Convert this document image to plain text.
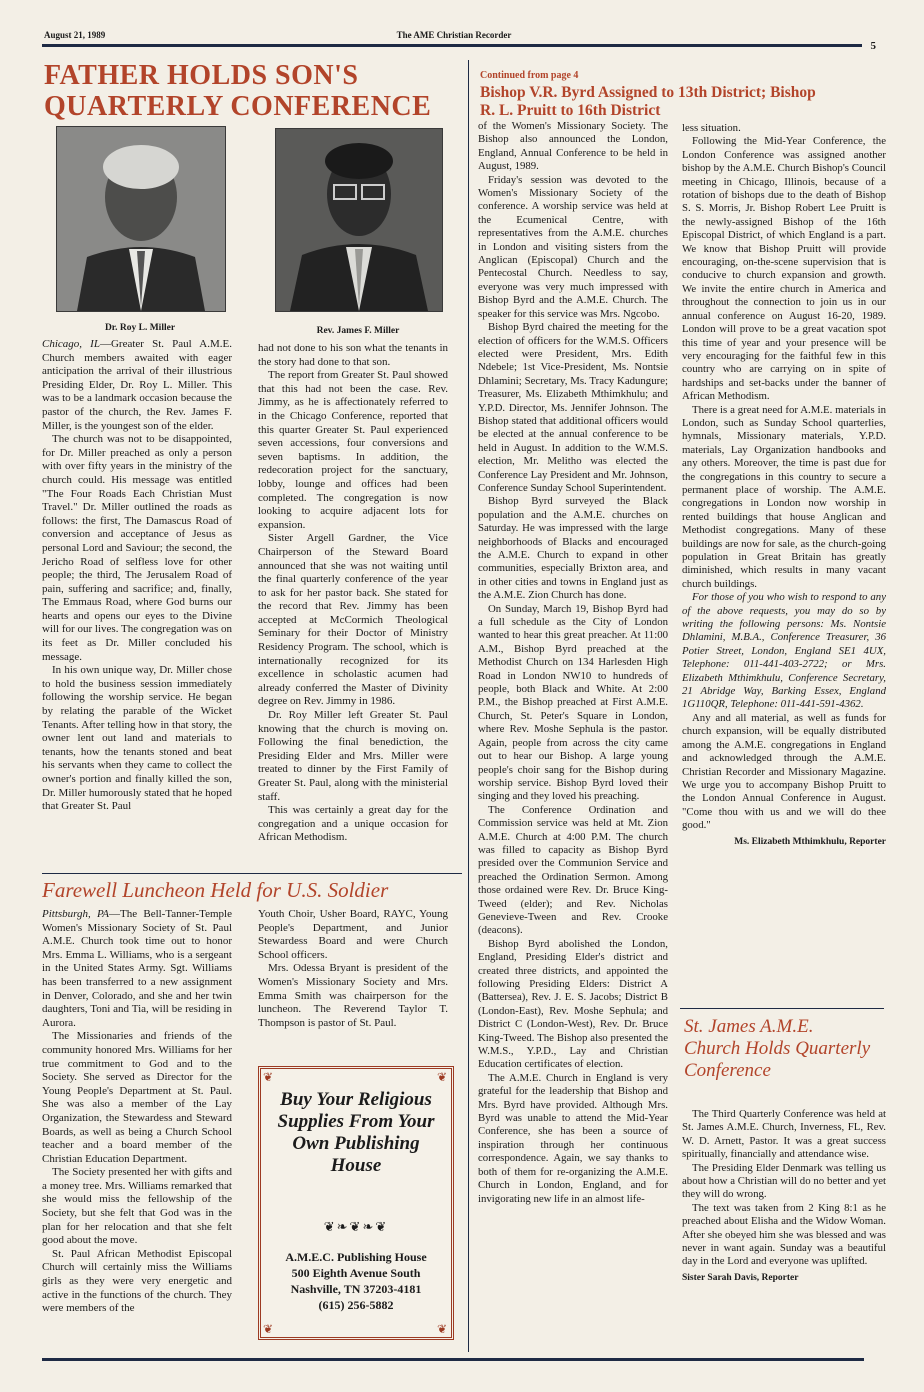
August 21, 1989	The AME Christian Recorder
5
FATHER HOLDS SON'S
QUARTERLY CONFERENCE
Dr. Roy L. Miller	Rev. James F. Miller

Chicago, IL—Greater St. Paul A.M.E. Church members awaited with eager anticipation the arrival of their illustrious Presiding Elder, Dr. Roy L. Miller. This was to be a landmark occasion because the pastor of the church, the Rev. James F. Miller, is the youngest son of the elder.

The church was not to be disappointed, for Dr. Miller preached as only a person with over fifty years in the ministry of the church could. His message was entitled "The Four Roads Each Christian Must Travel." Dr. Miller outlined the roads as follows: the first, The Damascus Road of conversion and acceptance of Jesus as personal Lord and Saviour; the second, the Jericho Road of selfless love for other people; the third, The Jerusalem Road of pain, suffering and sacrifice; and, finally, The Emmaus Road, where God burns our hearts and opens our eyes to the Divine will for our lives. The congregation was on its feet as Dr. Miller concluded his message.

In his own unique way, Dr. Miller chose to hold the business session immediately following the worship service. He began by relating the parable of the Wicket Tenants. After telling how in that story, the owner lent out land and materials to tenants, how the tenants stoned and beat his servants when they came to collect the owner's portion and finally killed the son, Dr. Miller humorously stated that he hoped that Greater St. Paul

had not done to his son what the tenants in the story had done to that son.

The report from Greater St. Paul showed that this had not been the case. Rev. Jimmy, as he is affectionately referred to in the Chicago Conference, reported that this quarter Greater St. Paul experienced seven accessions, four conversions and seven baptisms. In addition, the redecoration project for the sanctuary, lobby, lounge and offices had been completed. The congregation is now looking to acquire adjacent lots for expansion.

Sister Argell Gardner, the Vice Chairperson of the Steward Board announced that she was not waiting until the final quarterly conference of the year to ask for her pastor back. She stated for the record that Rev. Jimmy has been accepted at McCormich Theological Seminary for their Doctor of Ministry Residency Program. The school, which is internationally recognized for its excellence in scholastic acumen had already conferred the Master of Divinity degree on Rev. Jimmy in 1986.

Dr. Roy Miller left Greater St. Paul knowing that the church is moving on. Following the final benediction, the Presiding Elder and Mrs. Miller were treated to dinner by the First Family of Greater St. Paul, along with the ministerial staff.

This was certainly a great day for the congregation and a unique occasion for African Methodism.

Farewell Luncheon Held for U.S. Soldier

Pittsburgh, PA—The Bell-Tanner-Temple Women's Missionary Society of St. Paul A.M.E. Church took time out to honor Mrs. Emma L. Williams, who is a sergeant in the United States Army. Sgt. Williams has been transferred to a new assignment in Denver, Colorado, and she and her twin daughters, Toni and Tia, will be residing in Aurora.

The Missionaries and friends of the community honored Mrs. Williams for her true commitment to God and to the Society. She served as Director for the Young People's Department at St. Paul. She was also a member of the Lay Organization, the Stewardess and Steward Boards, as well as being a Church School teacher and a board member of the Christian Education Department.

The Society presented her with gifts and a money tree. Mrs. Williams remarked that she would miss the fellowship of the Society, but she felt that God was in the plan for her relocation and that she felt good about the move.

St. Paul African Methodist Episcopal Church will certainly miss the Williams girls as they were very energetic and active in the functions of the church. They were members of the

Youth Choir, Usher Board, RAYC, Young People's Department, and Junior Stewardess Board and were Church School officers.

Mrs. Odessa Bryant is president of the Women's Missionary Society and Mrs. Emma Smith was chairperson for the luncheon. The Reverend Taylor T. Thompson is pastor of St. Paul.

❦	❦
❦	❦
Buy Your Religious Supplies From Your Own Publishing House
❦❧❦❧❦
A.M.E.C. Publishing House
500 Eighth Avenue South
Nashville, TN 37203-4181
(615) 256-5882
Continued from page 4
Bishop V.R. Byrd Assigned to 13th District; Bishop
R. L. Pruitt to 16th District

of the Women's Missionary Society. The Bishop also announced the London, England, Annual Conference to be held in August, 1989.

Friday's session was devoted to the Women's Missionary Society of the conference. A worship service was held at the Ecumenical Centre, with representatives from the A.M.E. churches in London and visiting sisters from the Anglican (Episcopal) Church and the Pentecostal Church. Needless to say, everyone was very much impressed with Bishop Byrd and the A.M.E. Church. The speaker for this service was Mrs. Ngcobo.

Bishop Byrd chaired the meeting for the election of officers for the W.M.S. Officers elected were President, Mrs. Edith Ndebele; 1st Vice-President, Ms. Nontsie Dhlamini; Secretary, Ms. Tracy Kadungure; Treasurer, Ms. Elizabeth Mthimkhulu; and Y.P.D. Director, Ms. Jennifer Johnson. The Bishop stated that additional officers would be elected at the annual conference to be held in August. In addition to the W.M.S. election, Mr. Melitho was elected the Conference Lay President and Mr. Johnson, Conference Sunday School Superintendent.

Bishop Byrd surveyed the Black population and the A.M.E. churches on Saturday. He was impressed with the large neighborhoods of Blacks and encouraged the A.M.E. Church to expand in other communities, especially Brixton area, and in other cities and towns in England just as the A.M.E. Zion Church has done.

On Sunday, March 19, Bishop Byrd had a full schedule as the City of London wanted to hear this great preacher. At 11:00 A.M., Bishop Byrd preached at the Methodist Church on 134 Harlesden High Road in London NW10 to hundreds of people, both Black and White. At 2:00 P.M., the Bishop preached at First A.M.E. Church, St. Peter's Square in London, where Rev. Moshe Sephula is the pastor. Again, people from across the city came out to hear our Bishop. A large young people's choir sang for the Bishop during worship service. Bishop Byrd loved their singing and they loved his preaching.

The Conference Ordination and Commission service was held at Mt. Zion A.M.E. Church at 4:00 P.M. The church was filled to capacity as Bishop Byrd presided over the Communion Service and preached the Ordination Sermon. Among those ordained were Rev. Dr. Bruce King-Tweed (elder); and Rev. Nicholas Genevieve-Tween and Rev. Crooke (deacons).

Bishop Byrd abolished the London, England, Presiding Elder's district and created three districts, and appointed the following Presiding Elders: District A (Battersea), Rev. J. E. S. Jacobs; District B (London-East), Rev. Moshe Sephula; and District C (London-West), Rev. Dr. Bruce King-Tweed. The Bishop also presented the W.M.S., Y.P.D., Lay and Christian Education certificates of election.

The A.M.E. Church in England is very grateful for the leadership that Bishop and Mrs. Byrd have provided. Although Mrs. Byrd was unable to attend the Mid-Year Conference, she has been a source of inspiration through her continuous correspondence. Again, we say thanks to both of them for re-organizing the A.M.E. Church in London, England, and for invigorating new life in an almost life-

less situation.

Following the Mid-Year Conference, the London Conference was assigned another bishop by the A.M.E. Church Bishop's Council meeting in Chicago, Illinois, because of a rotation of bishops due to the death of Bishop S. S. Morris, Jr. Bishop Robert Lee Pruitt is the newly-assigned Bishop of the 16th Episcopal District, of which England is a part. We know that Bishop Pruitt will provide encouraging, on-the-scene supervision that is conducive to church expansion and growth. We invite the entire church in America and throughout the connection to join us in our annual conference on August 16-20, 1989. London will prove to be a great vacation spot this time of year and your presence will be very encouraging for the faithful few in this country who are carrying on in spite of hardships and set-backs under the banner of African Methodism.

There is a great need for A.M.E. materials in London, such as Sunday School quarterlies, hymnals, Missionary materials, Y.P.D. materials, Lay Organization handbooks and any others. Moreover, the time is past due for the congregations in this country to secure a permanent place of worship. The A.M.E. congregations in London now worship in rented buildings that house Anglican and Methodist congregations. Many of these buildings are now for sale, as the church-going population in Great Britain has greatly diminished, which results in many vacant church buildings.

For those of you who wish to respond to any of the above requests, you may do so by writing the following persons: Ms. Nontsie Dhlamini, M.B.A., Conference Treasurer, 36 Potier Street, London, England SE1 4UX, Telephone: 011-441-403-2722; or Mrs. Elizabeth Mthimkhulu, Conference Secretary, 21 Abridge Way, Barking Essex, England 1G110QR, Telephone: 011-441-591-4362.

Any and all material, as well as funds for church expansion, will be equally distributed among the A.M.E. congregations in England and acknowledged through the A.M.E. Christian Recorder and Missionary Magazine. We urge you to accompany Bishop Pruitt to the London Annual Conference in August. "Come thou with us and we will do thee good."

Ms. Elizabeth Mthimkhulu, Reporter

St. James A.M.E. Church Holds Quarterly Conference

The Third Quarterly Conference was held at St. James A.M.E. Church, Inverness, FL, Rev. W. D. Arnett, Pastor. It was a great success spiritually, financially and attendance wise.

The Presiding Elder Denmark was telling us about how a Christian will do no better and yet they will do wrong.

The text was taken from 2 King 8:1 as he preached about Elisha and the Widow Woman. After she obeyed him she was blessed and was never in want again. Sunday was a beautiful day in the Lord and everyone was uplifted.

Sister Sarah Davis, Reporter
